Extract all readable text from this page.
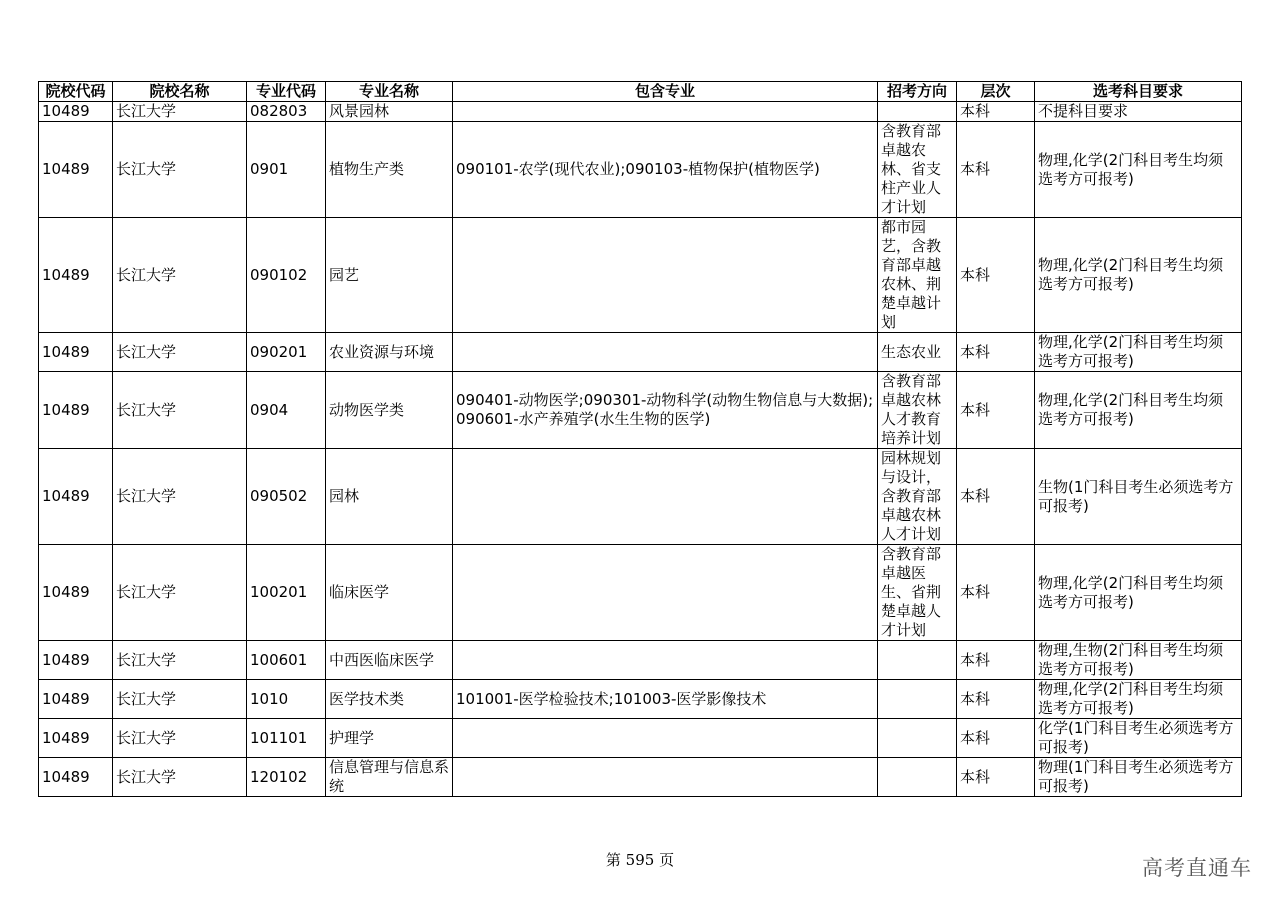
院校代码	院校名称	专业代码	专业名称	包含专业	招考方向	层次	选考科目要求
10489	长江大学	082803	风景园林			本科	不提科目要求
10489	长江大学	0901	植物生产类	090101-农学(现代农业);090103-植物保护(植物医学)	含教育部卓越农林、省支柱产业人才计划	本科	物理,化学(2门科目考生均须选考方可报考)
10489	长江大学	090102	园艺		都市园艺，含教育部卓越农林、荆楚卓越计划	本科	物理,化学(2门科目考生均须选考方可报考)
10489	长江大学	090201	农业资源与环境		生态农业	本科	物理,化学(2门科目考生均须选考方可报考)
10489	长江大学	0904	动物医学类	090401-动物医学;090301-动物科学(动物生物信息与大数据);090601-水产养殖学(水生生物的医学)	含教育部卓越农林人才教育培养计划	本科	物理,化学(2门科目考生均须选考方可报考)
10489	长江大学	090502	园林		园林规划与设计，含教育部卓越农林人才计划	本科	生物(1门科目考生必须选考方可报考)
10489	长江大学	100201	临床医学		含教育部卓越医生、省荆楚卓越人才计划	本科	物理,化学(2门科目考生均须选考方可报考)
10489	长江大学	100601	中西医临床医学			本科	物理,生物(2门科目考生均须选考方可报考)
10489	长江大学	1010	医学技术类	101001-医学检验技术;101003-医学影像技术		本科	物理,化学(2门科目考生均须选考方可报考)
10489	长江大学	101101	护理学			本科	化学(1门科目考生必须选考方可报考)
10489	长江大学	120102	信息管理与信息系统			本科	物理(1门科目考生必须选考方可报考)
第 595 页	高考直通车
